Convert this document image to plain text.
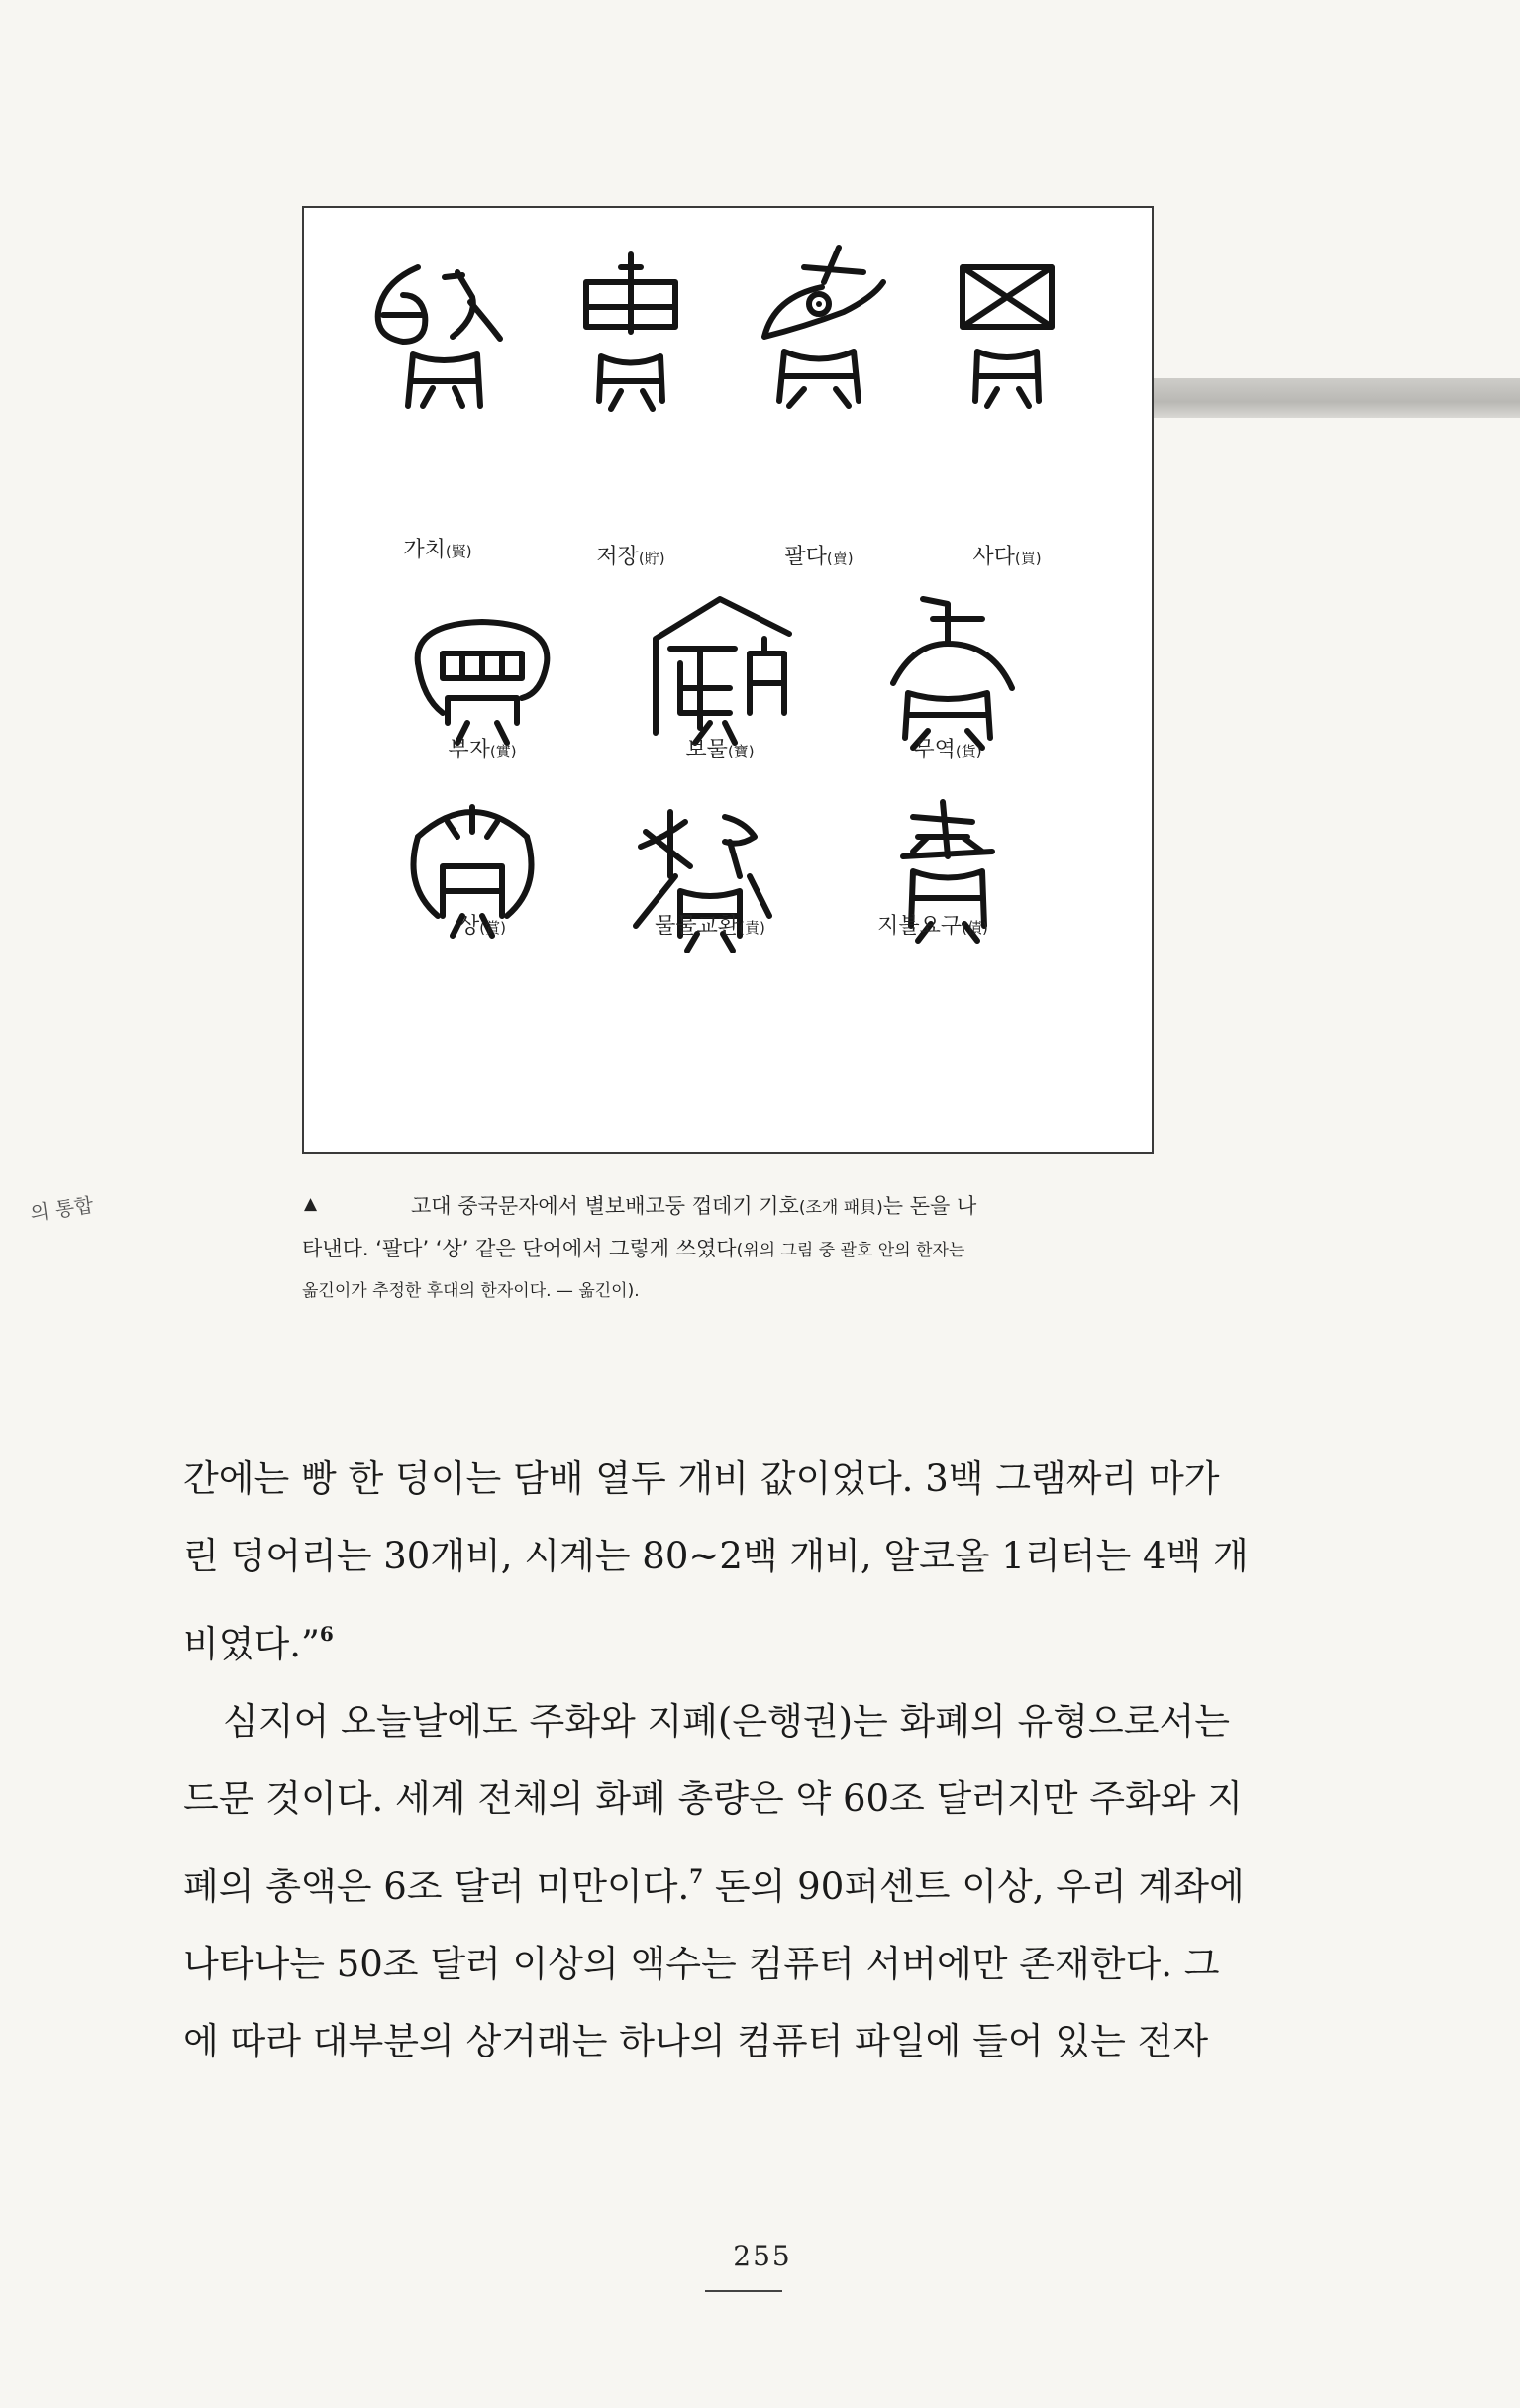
의 통합
가치(賢)	저장(貯)	팔다(賣)	사다(買)
부자(實)	보물(寶)	무역(貨)
상(賞)	물물교환(責)	지불요구(債)
▲	고대 중국문자에서 별보배고둥 껍데기 기호(조개 패貝)는 돈을 나

타낸다. ‘팔다’ ‘상’ 같은 단어에서 그렇게 쓰였다(위의 그림 중 괄호 안의 한자는

옮긴이가 추정한 후대의 한자이다. — 옮긴이).

간에는 빵 한 덩이는 담배 열두 개비 값이었다. 3백 그램짜리 마가

린 덩어리는 30개비, 시계는 80~2백 개비, 알코올 1리터는 4백 개

비였다.”$^6$

심지어 오늘날에도 주화와 지폐(은행권)는 화폐의 유형으로서는

드문 것이다. 세계 전체의 화폐 총량은 약 60조 달러지만 주화와 지

폐의 총액은 6조 달러 미만이다.$^7$ 돈의 90퍼센트 이상, 우리 계좌에

나타나는 50조 달러 이상의 액수는 컴퓨터 서버에만 존재한다. 그

에 따라 대부분의 상거래는 하나의 컴퓨터 파일에 들어 있는 전자

255
